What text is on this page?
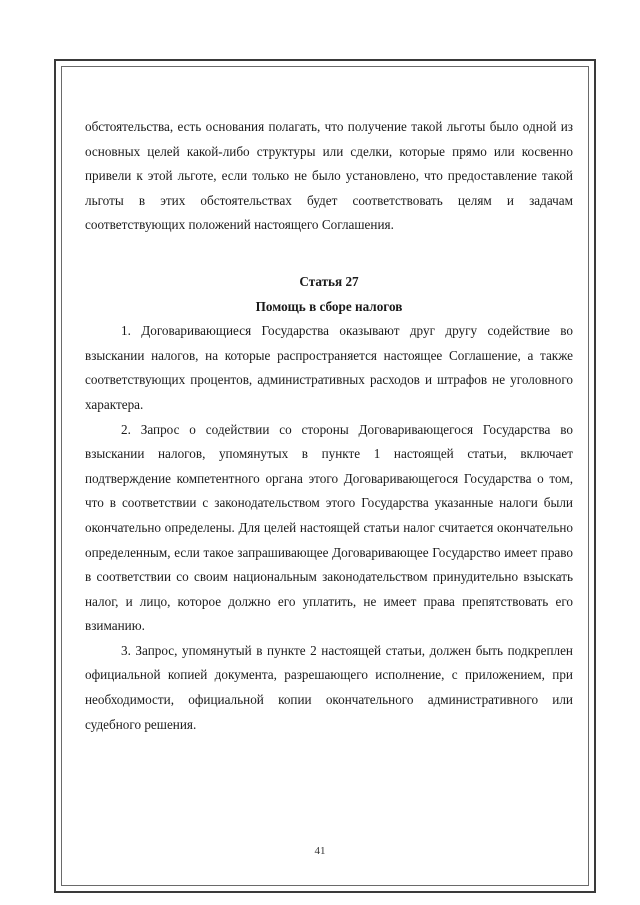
обстоятельства, есть основания полагать, что получение такой льготы было одной из основных целей какой-либо структуры или сделки, которые прямо или косвенно привели к этой льготе, если только не было установлено, что предоставление такой льготы в этих обстоятельствах будет соответствовать целям и задачам соответствующих положений настоящего Соглашения.

Статья 27

Помощь в сборе налогов

1. Договаривающиеся Государства оказывают друг другу содействие во взыскании налогов, на которые распространяется настоящее Соглашение, а также соответствующих процентов, административных расходов и штрафов не уголовного характера.

2. Запрос о содействии со стороны Договаривающегося Государства во взыскании налогов, упомянутых в пункте 1 настоящей статьи, включает подтверждение компетентного органа этого Договаривающегося Государства о том, что в соответствии с законодательством этого Государства указанные налоги были окончательно определены. Для целей настоящей статьи налог считается окончательно определенным, если такое запрашивающее Договаривающее Государство имеет право в соответствии со своим национальным законодательством принудительно взыскать налог, и лицо, которое должно его уплатить, не имеет права препятствовать его взиманию.

3. Запрос, упомянутый в пункте 2 настоящей статьи, должен быть подкреплен официальной копией документа, разрешающего исполнение, с приложением, при необходимости, официальной копии окончательного административного или судебного решения.

41
